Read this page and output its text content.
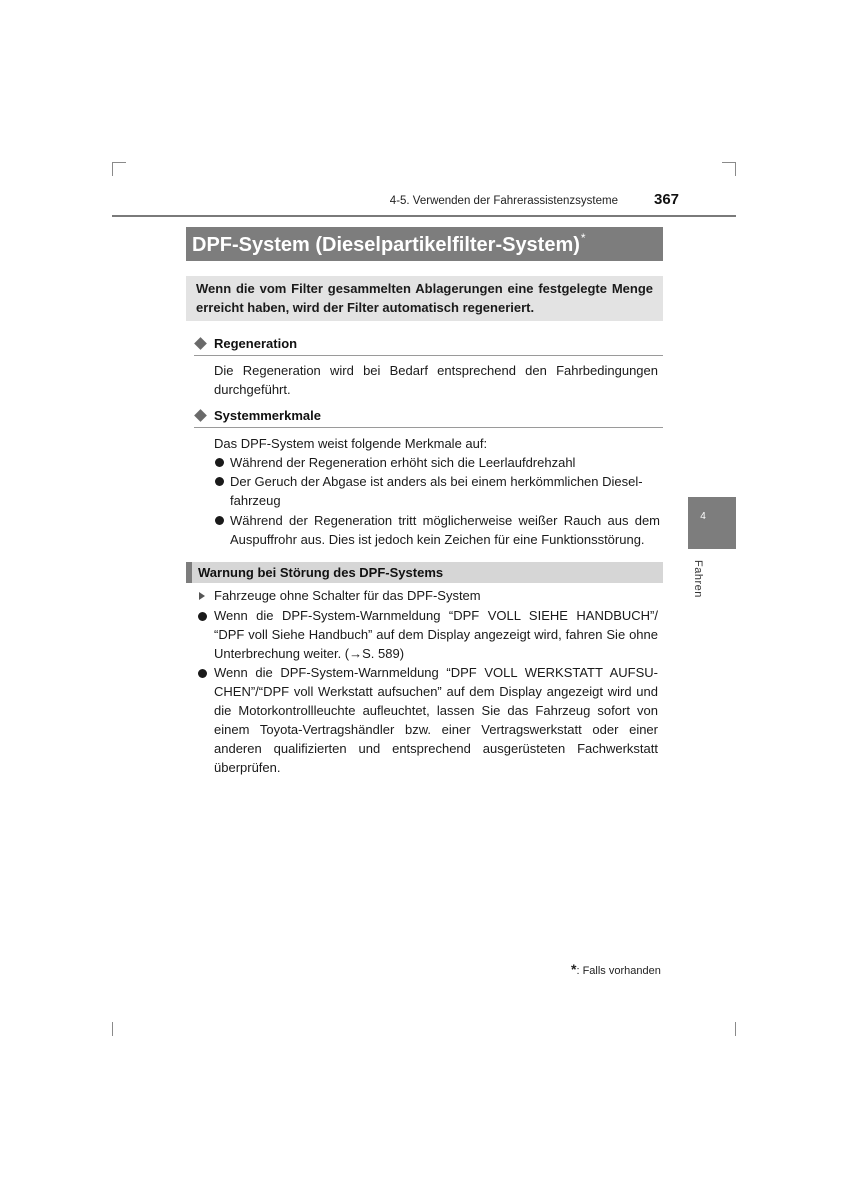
4-5. Verwenden der Fahrerassistenzsysteme 367
DPF-System (Dieselpartikelfilter-System)*

Wenn die vom Filter gesammelten Ablagerungen eine festgelegte Menge erreicht haben, wird der Filter automatisch regeneriert.

Regeneration
Die Regeneration wird bei Bedarf entsprechend den Fahrbedingungen durchgeführt.
Systemmerkmale
Das DPF-System weist folgende Merkmale auf:
Während der Regeneration erhöht sich die Leerlaufdrehzahl
Der Geruch der Abgase ist anders als bei einem herkömmlichen Diesel-fahrzeug
Während der Regeneration tritt möglicherweise weißer Rauch aus dem Auspuffrohr aus. Dies ist jedoch kein Zeichen für eine Funktionsstörung.
Warnung bei Störung des DPF-Systems
Fahrzeuge ohne Schalter für das DPF-System
Wenn die DPF-System-Warnmeldung “DPF VOLL SIEHE HANDBUCH”/ “DPF voll Siehe Handbuch” auf dem Display angezeigt wird, fahren Sie ohne Unterbrechung weiter. (→S. 589)
Wenn die DPF-System-Warnmeldung “DPF VOLL WERKSTATT AUFSU-CHEN”/“DPF voll Werkstatt aufsuchen” auf dem Display angezeigt wird und die Motorkontrollleuchte aufleuchtet, lassen Sie das Fahrzeug sofort von einem Toyota-Vertragshändler bzw. einer Vertragswerkstatt oder einer anderen qualifizierten und entsprechend ausgerüsteten Fachwerkstatt überprüfen.
4
Fahren
*: Falls vorhanden
